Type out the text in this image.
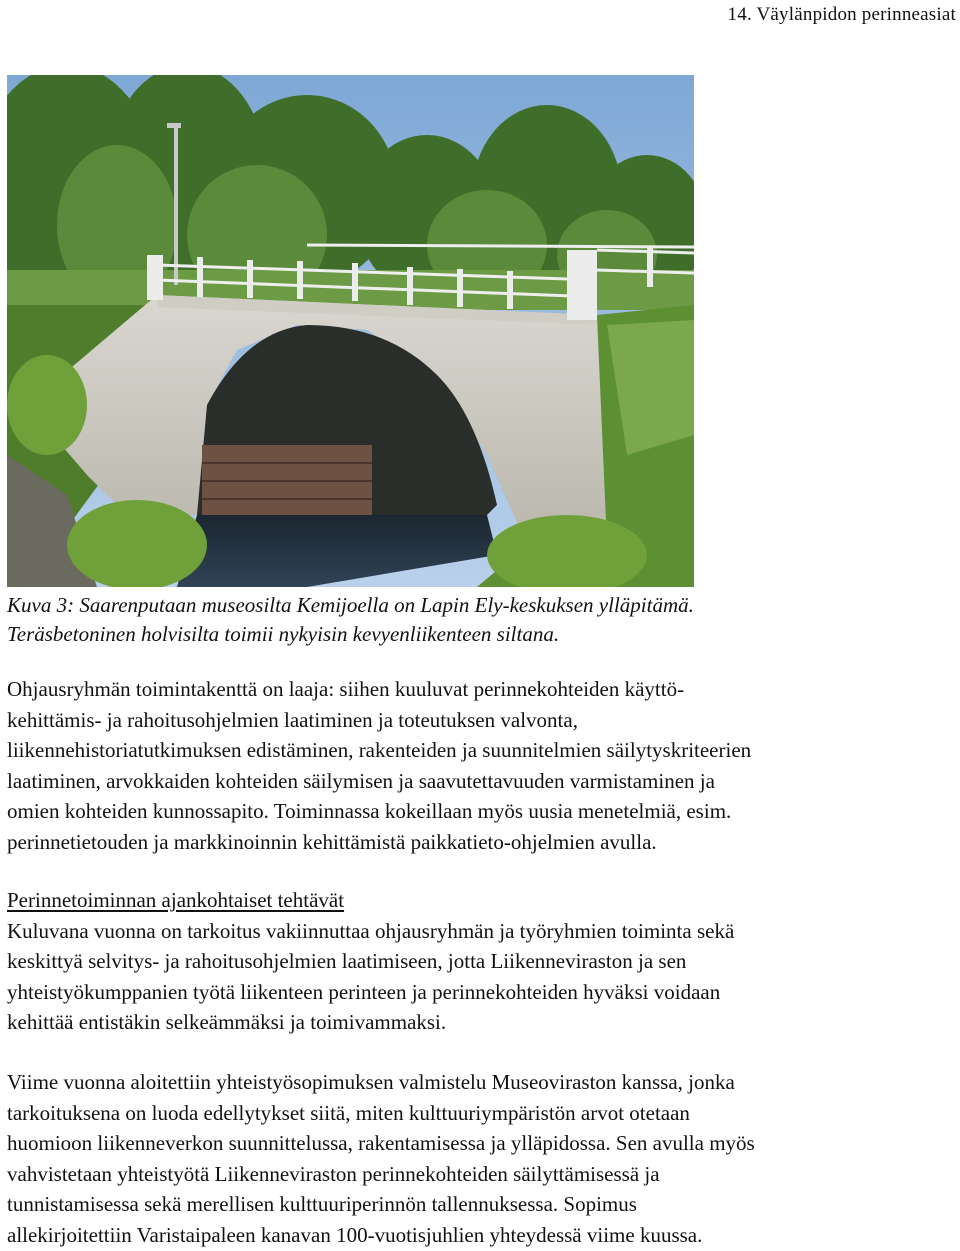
14. Väylänpidon perinneasiat
Kuva 3: Saarenputaan museosilta Kemijoella on Lapin Ely-keskuksen ylläpitämä.
Teräsbetoninen holvisilta toimii nykyisin kevyenliikenteen siltana.
Ohjausryhmän toimintakenttä on laaja: siihen kuuluvat perinnekohteiden käyttö-
kehittämis- ja rahoitusohjelmien laatiminen ja toteutuksen valvonta,
liikennehistoriatutkimuksen edistäminen, rakenteiden ja suunnitelmien säilytyskriteerien
laatiminen, arvokkaiden kohteiden säilymisen ja saavutettavuuden varmistaminen ja
omien kohteiden kunnossapito. Toiminnassa kokeillaan myös uusia menetelmiä, esim.
perinnetietouden ja markkinoinnin kehittämistä paikkatieto-ohjelmien avulla.
Perinnetoiminnan ajankohtaiset tehtävät
Kuluvana vuonna on tarkoitus vakiinnuttaa ohjausryhmän ja työryhmien toiminta sekä
keskittyä selvitys- ja rahoitusohjelmien laatimiseen, jotta Liikenneviraston ja sen
yhteistyökumppanien työtä liikenteen perinteen ja perinnekohteiden hyväksi voidaan
kehittää entistäkin selkeämmäksi ja toimivammaksi.
Viime vuonna aloitettiin yhteistyösopimuksen valmistelu Museoviraston kanssa, jonka
tarkoituksena on luoda edellytykset siitä, miten kulttuuriympäristön arvot otetaan
huomioon liikenneverkon suunnittelussa, rakentamisessa ja ylläpidossa. Sen avulla myös
vahvistetaan yhteistyötä Liikenneviraston perinnekohteiden säilyttämisessä ja
tunnistamisessa sekä merellisen kulttuuriperinnön tallennuksessa. Sopimus
allekirjoitettiin Varistaipaleen kanavan 100-vuotisjuhlien yhteydessä viime kuussa.
